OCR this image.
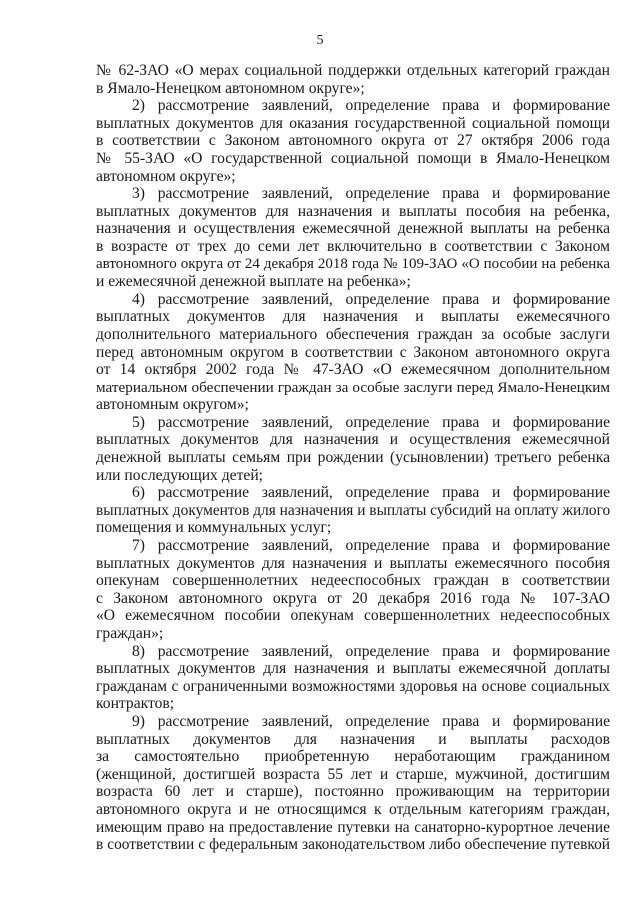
5
№ 62-ЗАО «О мерах социальной поддержки отдельных категорий граждан
в Ямало-Ненецком автономном округе»;
2) рассмотрение заявлений, определение права и формирование
выплатных документов для оказания государственной социальной помощи
в соответствии с Законом автономного округа от 27 октября 2006 года
№ 55-ЗАО «О государственной социальной помощи в Ямало-Ненецком
автономном округе»;
3) рассмотрение заявлений, определение права и формирование
выплатных документов для назначения и выплаты пособия на ребенка,
назначения и осуществления ежемесячной денежной выплаты на ребенка
в возрасте от трех до семи лет включительно в соответствии с Законом
автономного округа от 24 декабря 2018 года № 109-ЗАО «О пособии на ребенка
и ежемесячной денежной выплате на ребенка»;
4) рассмотрение заявлений, определение права и формирование
выплатных документов для назначения и выплаты ежемесячного
дополнительного материального обеспечения граждан за особые заслуги
перед автономным округом в соответствии с Законом автономного округа
от 14 октября 2002 года № 47-ЗАО «О ежемесячном дополнительном
материальном обеспечении граждан за особые заслуги перед Ямало-Ненецким
автономным округом»;
5) рассмотрение заявлений, определение права и формирование
выплатных документов для назначения и осуществления ежемесячной
денежной выплаты семьям при рождении (усыновлении) третьего ребенка
или последующих детей;
6) рассмотрение заявлений, определение права и формирование
выплатных документов для назначения и выплаты субсидий на оплату жилого
помещения и коммунальных услуг;
7) рассмотрение заявлений, определение права и формирование
выплатных документов для назначения и выплаты ежемесячного пособия
опекунам совершеннолетних недееспособных граждан в соответствии
с Законом автономного округа от 20 декабря 2016 года № 107-ЗАО
«О ежемесячном пособии опекунам совершеннолетних недееспособных
граждан»;
8) рассмотрение заявлений, определение права и формирование
выплатных документов для назначения и выплаты ежемесячной доплаты
гражданам с ограниченными возможностями здоровья на основе социальных
контрактов;
9) рассмотрение заявлений, определение права и формирование
выплатных документов для назначения и выплаты расходов
за самостоятельно приобретенную неработающим гражданином
(женщиной, достигшей возраста 55 лет и старше, мужчиной, достигшим
возраста 60 лет и старше), постоянно проживающим на территории
автономного округа и не относящимся к отдельным категориям граждан,
имеющим право на предоставление путевки на санаторно-курортное лечение
в соответствии с федеральным законодательством либо обеспечение путевкой
